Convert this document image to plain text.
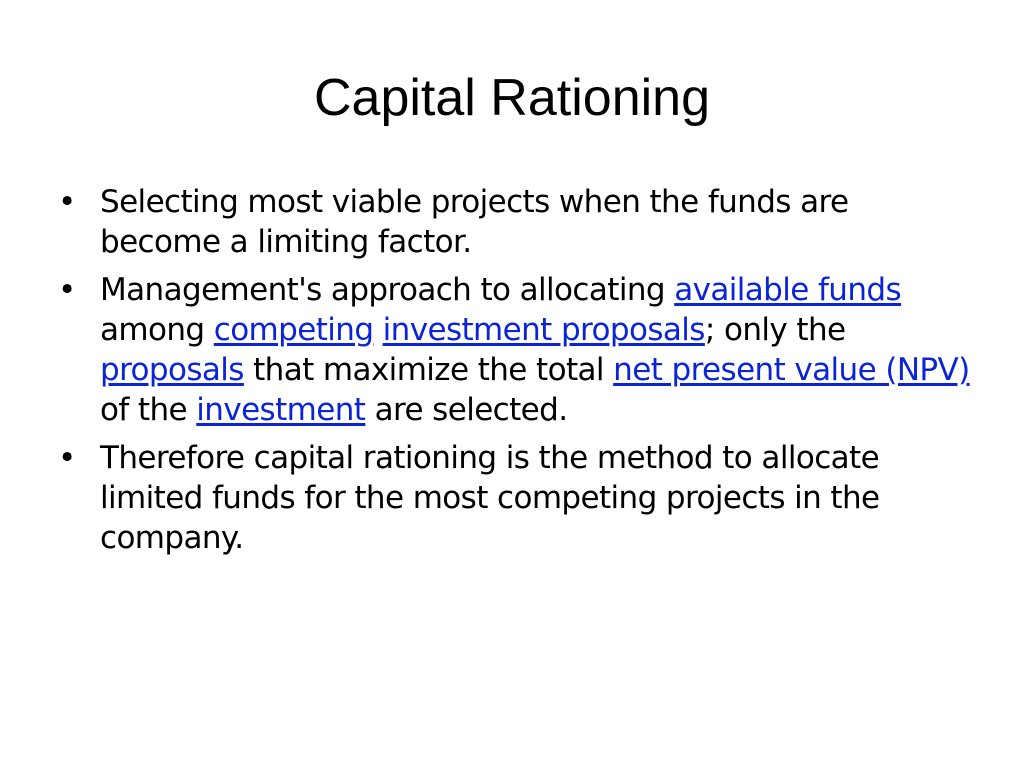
Capital Rationing
• Selecting most viable projects when the funds are become a limiting factor.
• Management's approach to allocating available funds among competing investment proposals; only the proposals that maximize the total net present value (NPV) of the investment are selected.
• Therefore capital rationing is the method to allocate limited funds for the most competing projects in the company.
